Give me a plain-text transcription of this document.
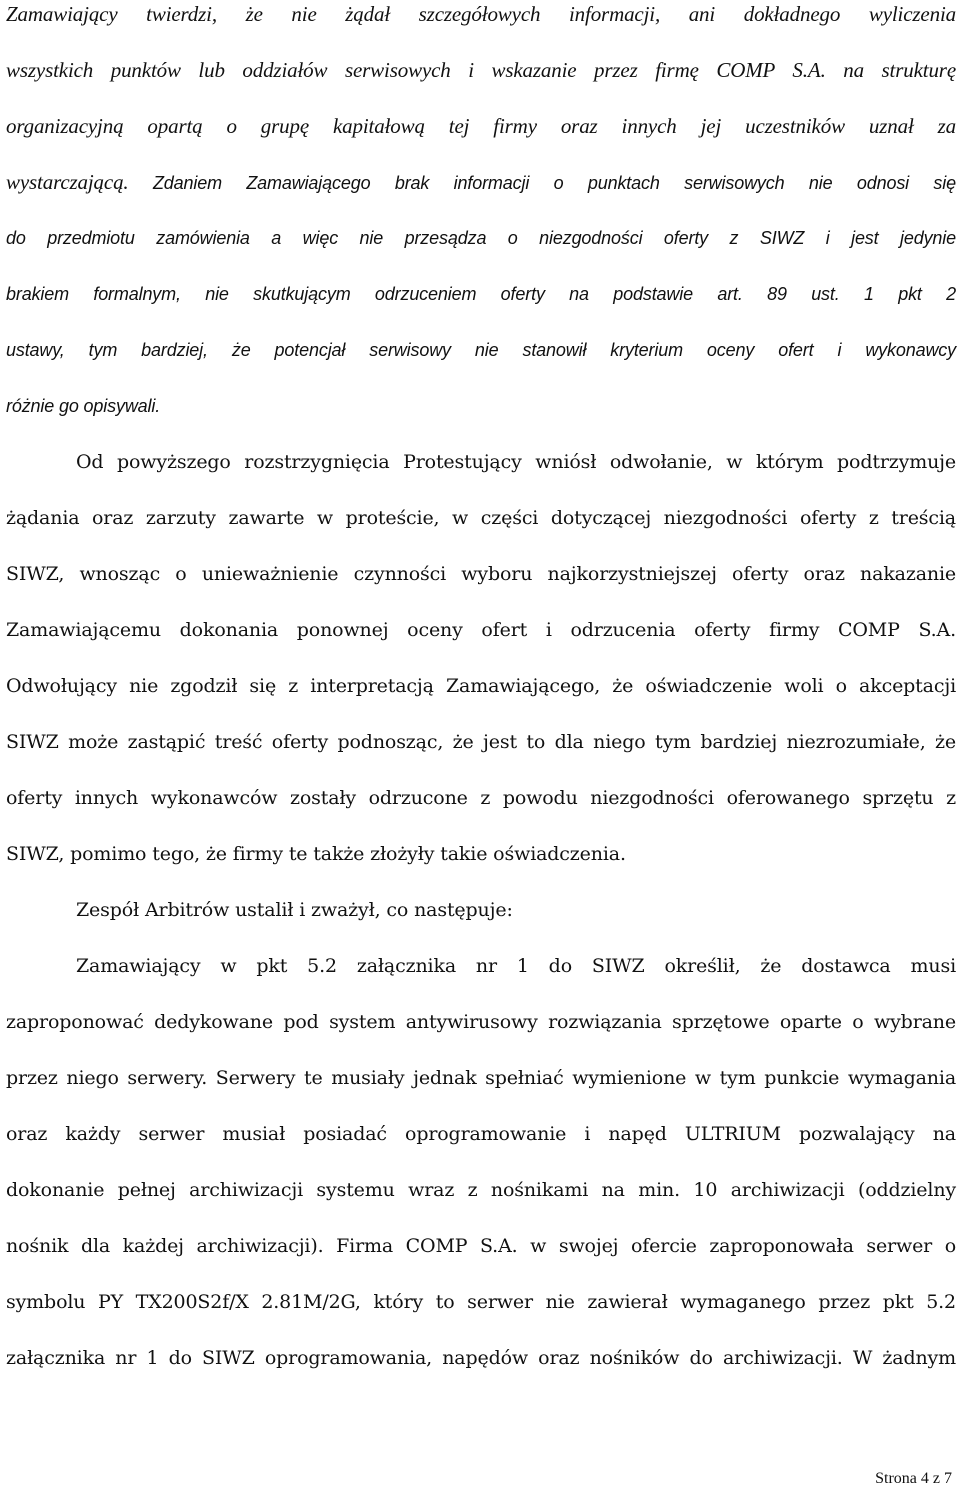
Zamawiający twierdzi, że nie żądał szczegółowych informacji, ani dokładnego wyliczenia
wszystkich punktów lub oddziałów serwisowych i wskazanie przez firmę COMP S.A. na strukturę
organizacyjną opartą o grupę kapitałową tej firmy oraz innych jej uczestników uznał za
wystarczającą. Zdaniem Zamawiającego brak informacji o punktach serwisowych nie odnosi się
do przedmiotu zamówienia a więc nie przesądza o niezgodności oferty z SIWZ i jest jedynie
brakiem formalnym, nie skutkującym odrzuceniem oferty na podstawie art. 89 ust. 1 pkt 2
ustawy, tym bardziej, że potencjał serwisowy nie stanowił kryterium oceny ofert i wykonawcy
różnie go opisywali.
Od powyższego rozstrzygnięcia Protestujący wniósł odwołanie, w którym podtrzymuje
żądania oraz zarzuty zawarte w proteście, w części dotyczącej niezgodności oferty z treścią
SIWZ, wnosząc o unieważnienie czynności wyboru najkorzystniejszej oferty oraz nakazanie
Zamawiającemu dokonania ponownej oceny ofert i odrzucenia oferty firmy COMP S.A.
Odwołujący nie zgodził się z interpretacją Zamawiającego, że oświadczenie woli o akceptacji
SIWZ może zastąpić treść oferty podnosząc, że jest to dla niego tym bardziej niezrozumiałe, że
oferty innych wykonawców zostały odrzucone z powodu niezgodności oferowanego sprzętu z
SIWZ, pomimo tego, że firmy te także złożyły takie oświadczenia.
Zespół Arbitrów ustalił i zważył, co następuje:
Zamawiający w pkt 5.2 załącznika nr 1 do SIWZ określił, że dostawca musi
zaproponować dedykowane pod system antywirusowy rozwiązania sprzętowe oparte o wybrane
przez niego serwery. Serwery te musiały jednak spełniać wymienione w tym punkcie wymagania
oraz każdy serwer musiał posiadać oprogramowanie i napęd ULTRIUM pozwalający na
dokonanie pełnej archiwizacji systemu wraz z nośnikami na min. 10 archiwizacji (oddzielny
nośnik dla każdej archiwizacji). Firma COMP S.A. w swojej ofercie zaproponowała serwer o
symbolu PY TX200S2f/X 2.81M/2G, który to serwer nie zawierał wymaganego przez pkt 5.2
załącznika nr 1 do SIWZ oprogramowania, napędów oraz nośników do archiwizacji. W żadnym
Strona 4 z 7
